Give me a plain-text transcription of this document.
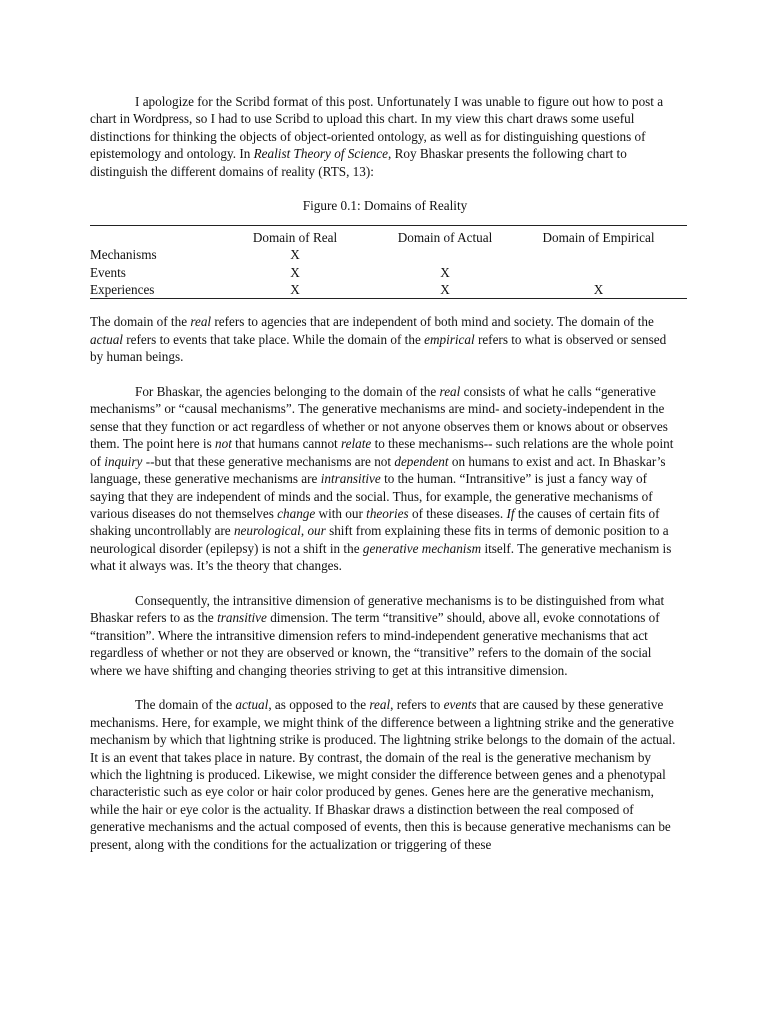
I apologize for the Scribd format of this post. Unfortunately I was unable to figure out how to post a chart in Wordpress, so I had to use Scribd to upload this chart. In my view this chart draws some useful distinctions for thinking the objects of object-oriented ontology, as well as for distinguishing questions of epistemology and ontology. In Realist Theory of Science, Roy Bhaskar presents the following chart to distinguish the different domains of reality (RTS, 13):

Figure 0.1: Domains of Reality
	Domain of Real	Domain of Actual	Domain of Empirical
Mechanisms	X		
Events	X	X	
Experiences	X	X	X

The domain of the real refers to agencies that are independent of both mind and society. The domain of the actual refers to events that take place. While the domain of the empirical refers to what is observed or sensed by human beings.

For Bhaskar, the agencies belonging to the domain of the real consists of what he calls “generative mechanisms” or “causal mechanisms”. The generative mechanisms are mind- and society-independent in the sense that they function or act regardless of whether or not anyone observes them or knows about or observes them. The point here is not that humans cannot relate to these mechanisms-- such relations are the whole point of inquiry --but that these generative mechanisms are not dependent on humans to exist and act. In Bhaskar’s language, these generative mechanisms are intransitive to the human. “Intransitive” is just a fancy way of saying that they are independent of minds and the social. Thus, for example, the generative mechanisms of various diseases do not themselves change with our theories of these diseases. If the causes of certain fits of shaking uncontrollably are neurological, our shift from explaining these fits in terms of demonic position to a neurological disorder (epilepsy) is not a shift in the generative mechanism itself. The generative mechanism is what it always was. It’s the theory that changes.

Consequently, the intransitive dimension of generative mechanisms is to be distinguished from what Bhaskar refers to as the transitive dimension. The term “transitive” should, above all, evoke connotations of “transition”. Where the intransitive dimension refers to mind-independent generative mechanisms that act regardless of whether or not they are observed or known, the “transitive” refers to the domain of the social where we have shifting and changing theories striving to get at this intransitive dimension.

The domain of the actual, as opposed to the real, refers to events that are caused by these generative mechanisms. Here, for example, we might think of the difference between a lightning strike and the generative mechanism by which that lightning strike is produced. The lightning strike belongs to the domain of the actual. It is an event that takes place in nature. By contrast, the domain of the real is the generative mechanism by which the lightning is produced. Likewise, we might consider the difference between genes and a phenotypal characteristic such as eye color or hair color produced by genes. Genes here are the generative mechanism, while the hair or eye color is the actuality. If Bhaskar draws a distinction between the real composed of generative mechanisms and the actual composed of events, then this is because generative mechanisms can be present, along with the conditions for the actualization or triggering of these
